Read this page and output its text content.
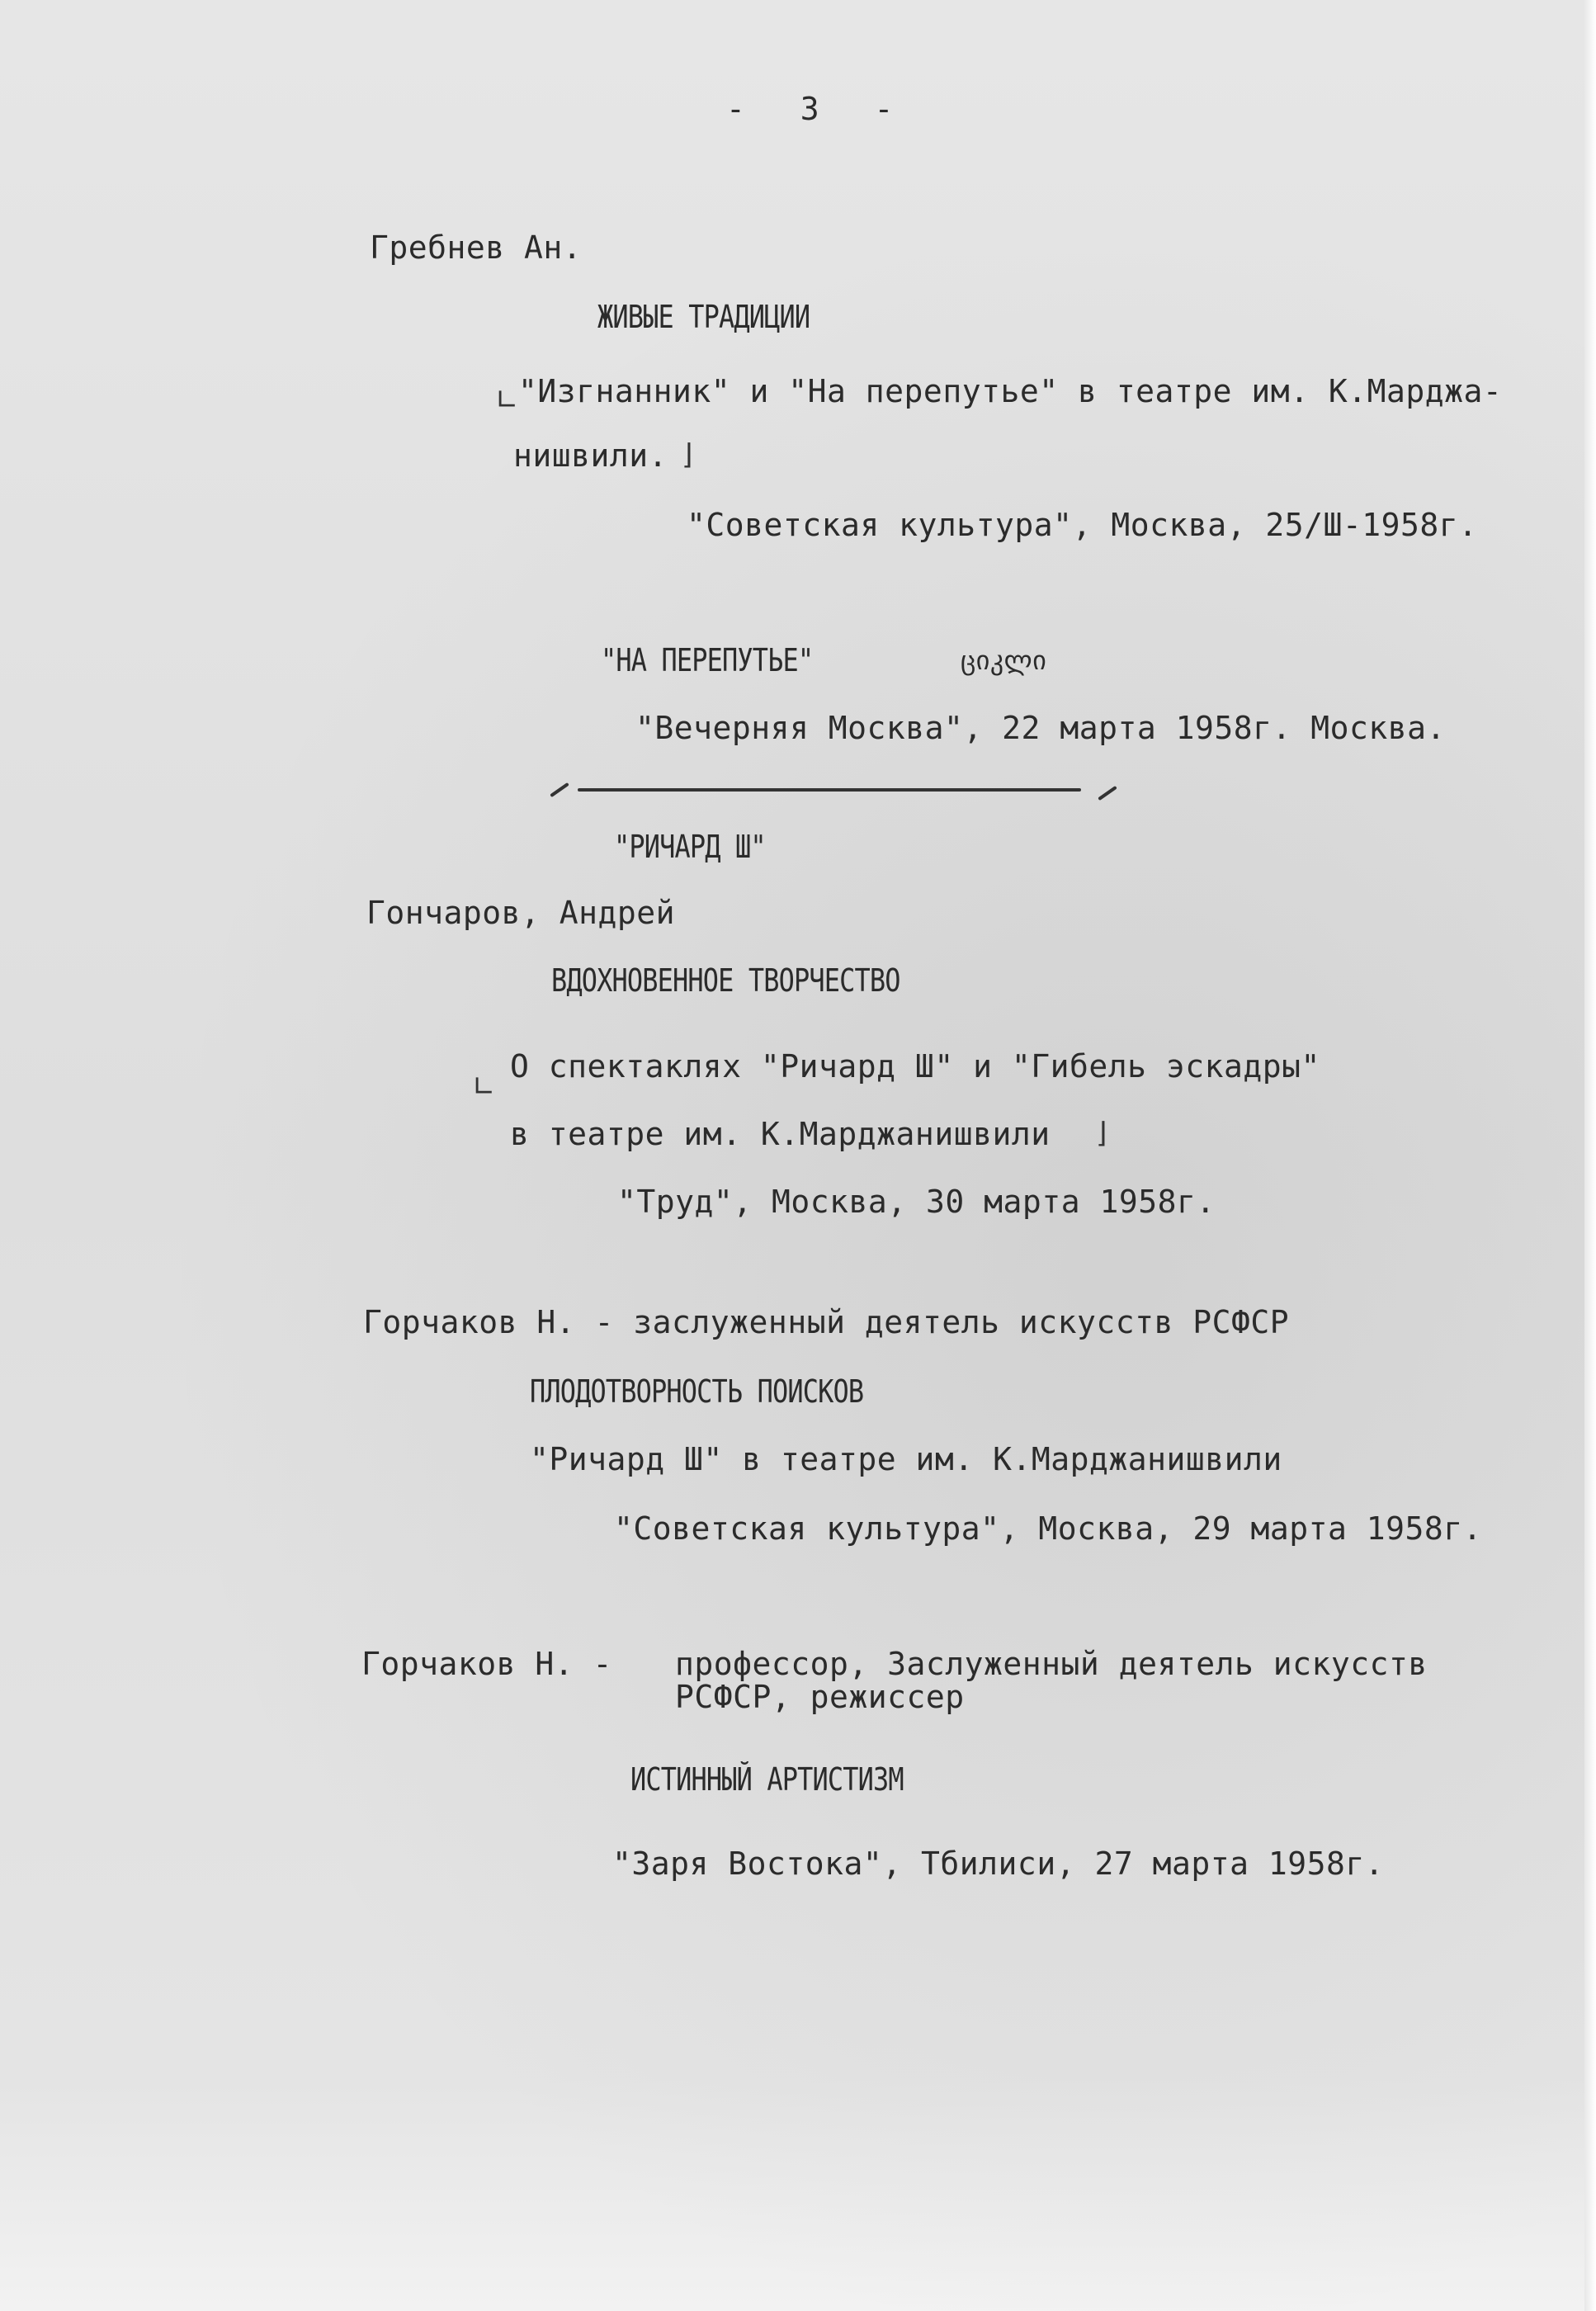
- 3 -
Гребнев Ан.
ЖИВЫЕ ТРАДИЦИИ
∟ "Изгнанник" и "На перепутье" в театре им. К.Марджа-
нишвили. ⌋
"Советская культура", Москва, 25/Ш-1958г.
"НА ПЕРЕПУТЬЕ"	ციკლი
"Вечерняя Москва", 22 марта 1958г. Москва.
"РИЧАРД Ш"
Гончаров, Андрей
ВДОХНОВЕННОЕ ТВОРЧЕСТВО
∟
О спектаклях "Ричард Ш" и "Гибель эскадры"
в театре им. К.Марджанишвили ⌋
"Труд", Москва, 30 марта 1958г.
Горчаков Н. - заслуженный деятель искусств РСФСР
ПЛОДОТВОРНОСТЬ ПОИСКОВ
"Ричард Ш" в театре им. К.Марджанишвили
"Советская культура", Москва, 29 марта 1958г.
Горчаков Н. - профессор, Заслуженный деятель искусств
РСФСР, режиссер
ИСТИННЫЙ АРТИСТИЗМ
"Заря Востока", Тбилиси, 27 марта 1958г.
